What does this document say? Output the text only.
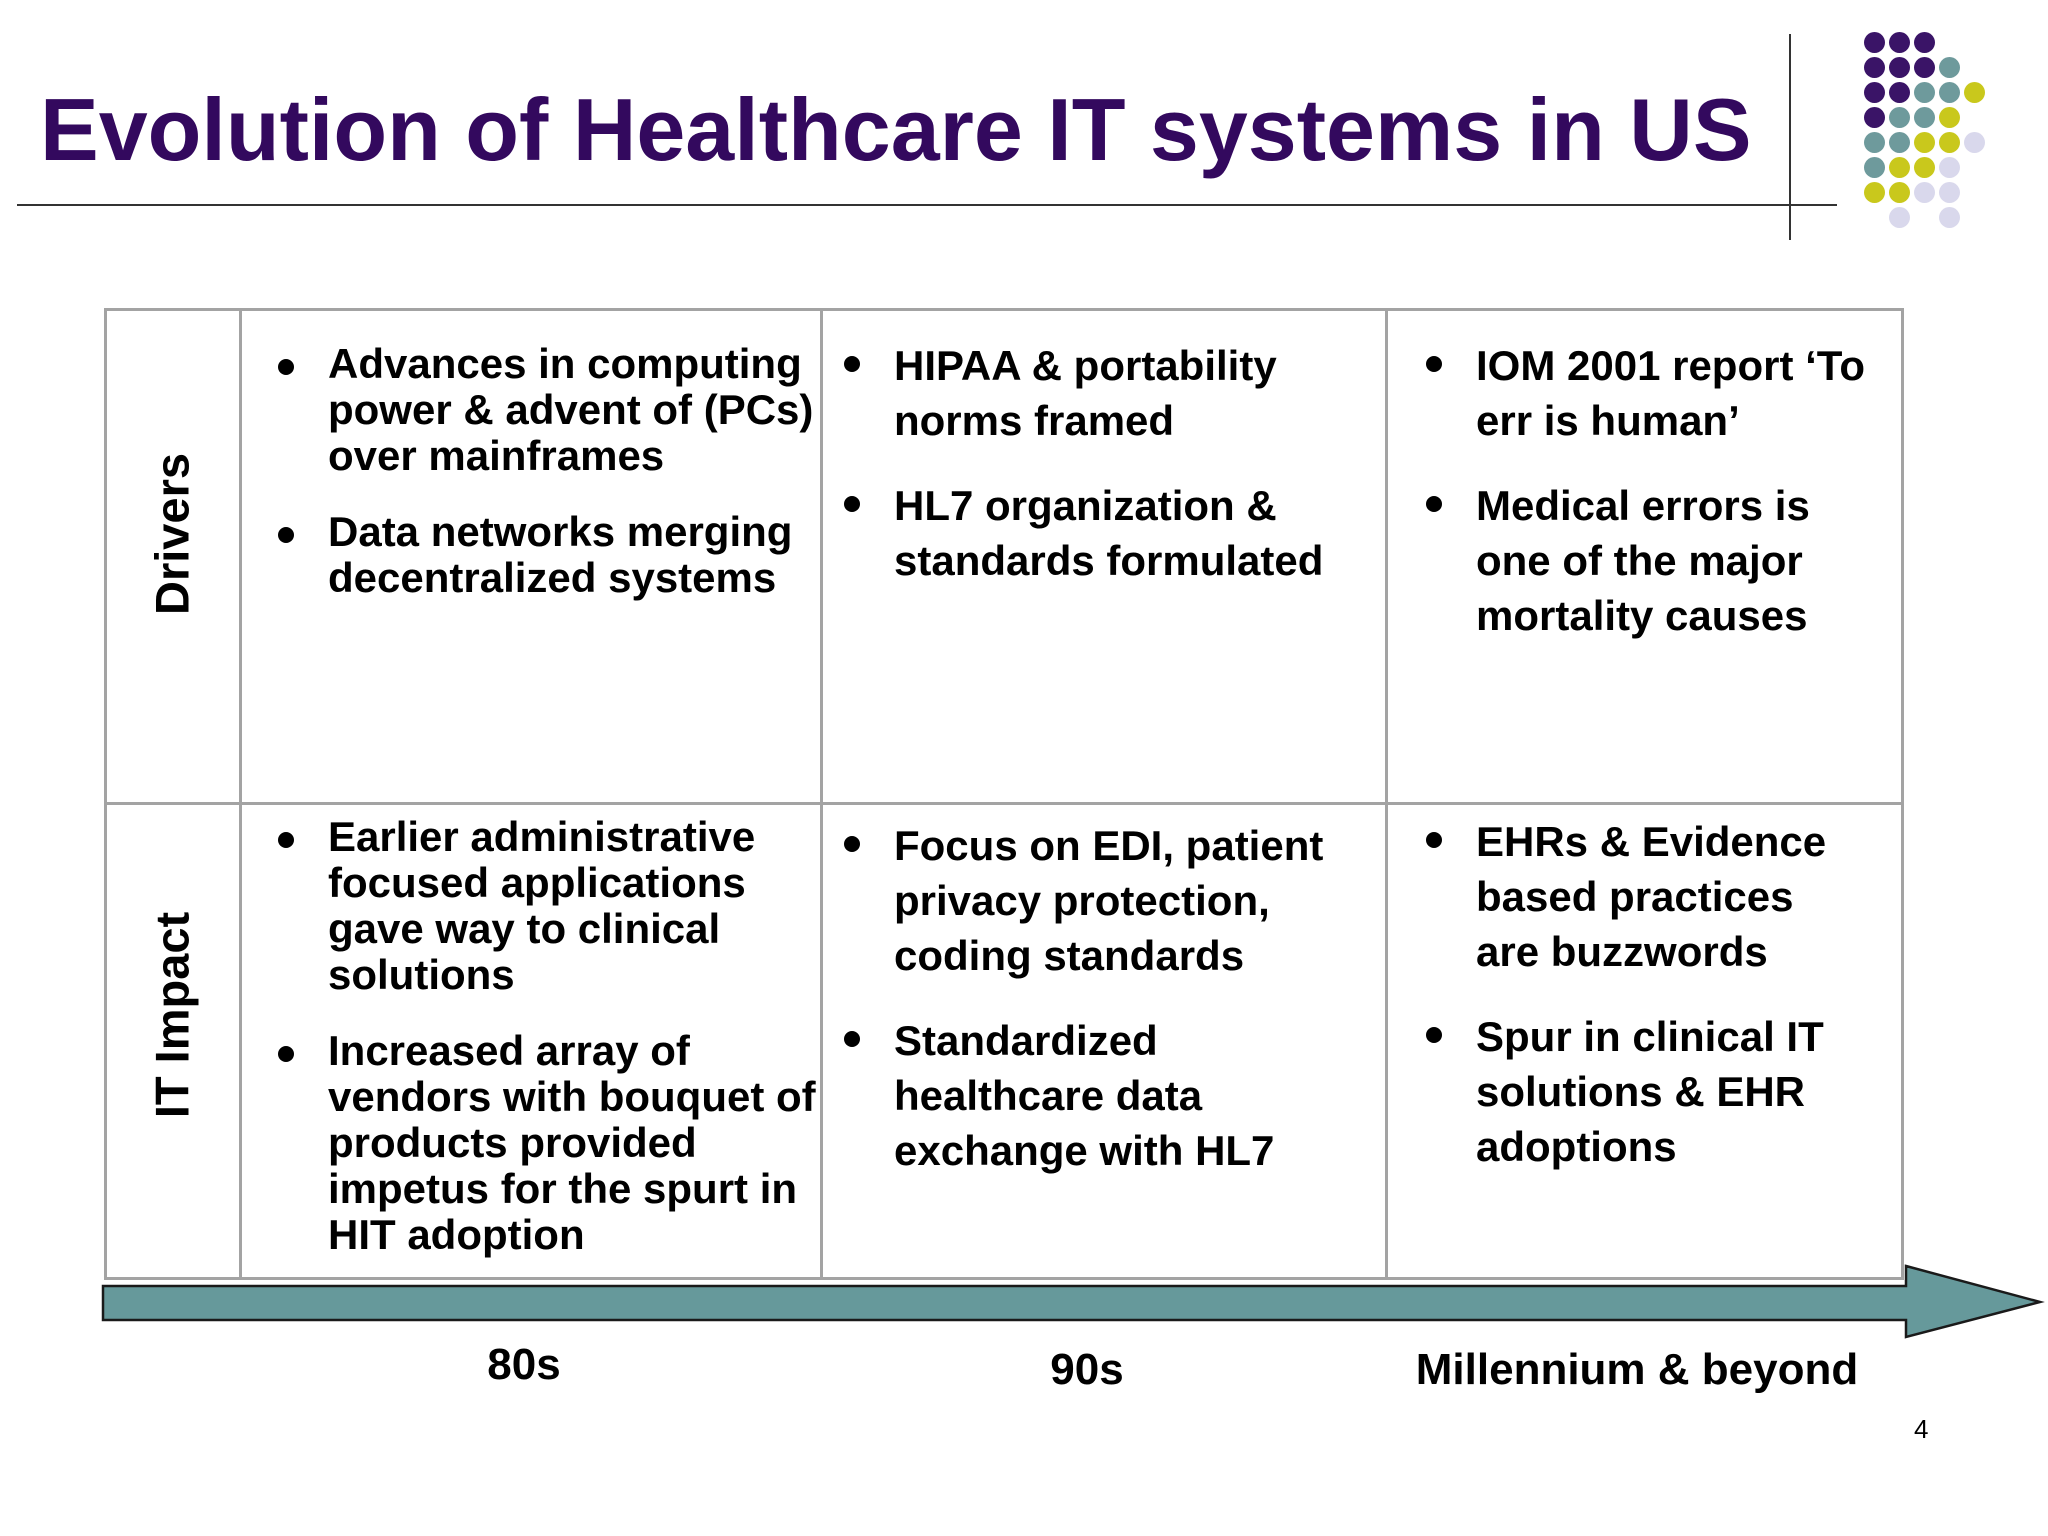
Evolution of Healthcare IT systems in US
Drivers
IT Impact
Advances in computing power & advent of (PCs) over mainframes
Data networks merging decentralized systems
HIPAA & portability norms framed
HL7 organization & standards formulated
IOM 2001 report ‘To err is human’
Medical errors is one of the major mortality causes
Earlier administrative focused applications gave way to clinical solutions
Increased array of vendors with bouquet of products provided impetus for the spurt in HIT adoption
Focus on EDI, patient privacy protection, coding standards
Standardized healthcare data exchange with HL7
EHRs & Evidence based practices are buzzwords
Spur in clinical IT solutions & EHR adoptions
80s	90s	Millennium & beyond
4
